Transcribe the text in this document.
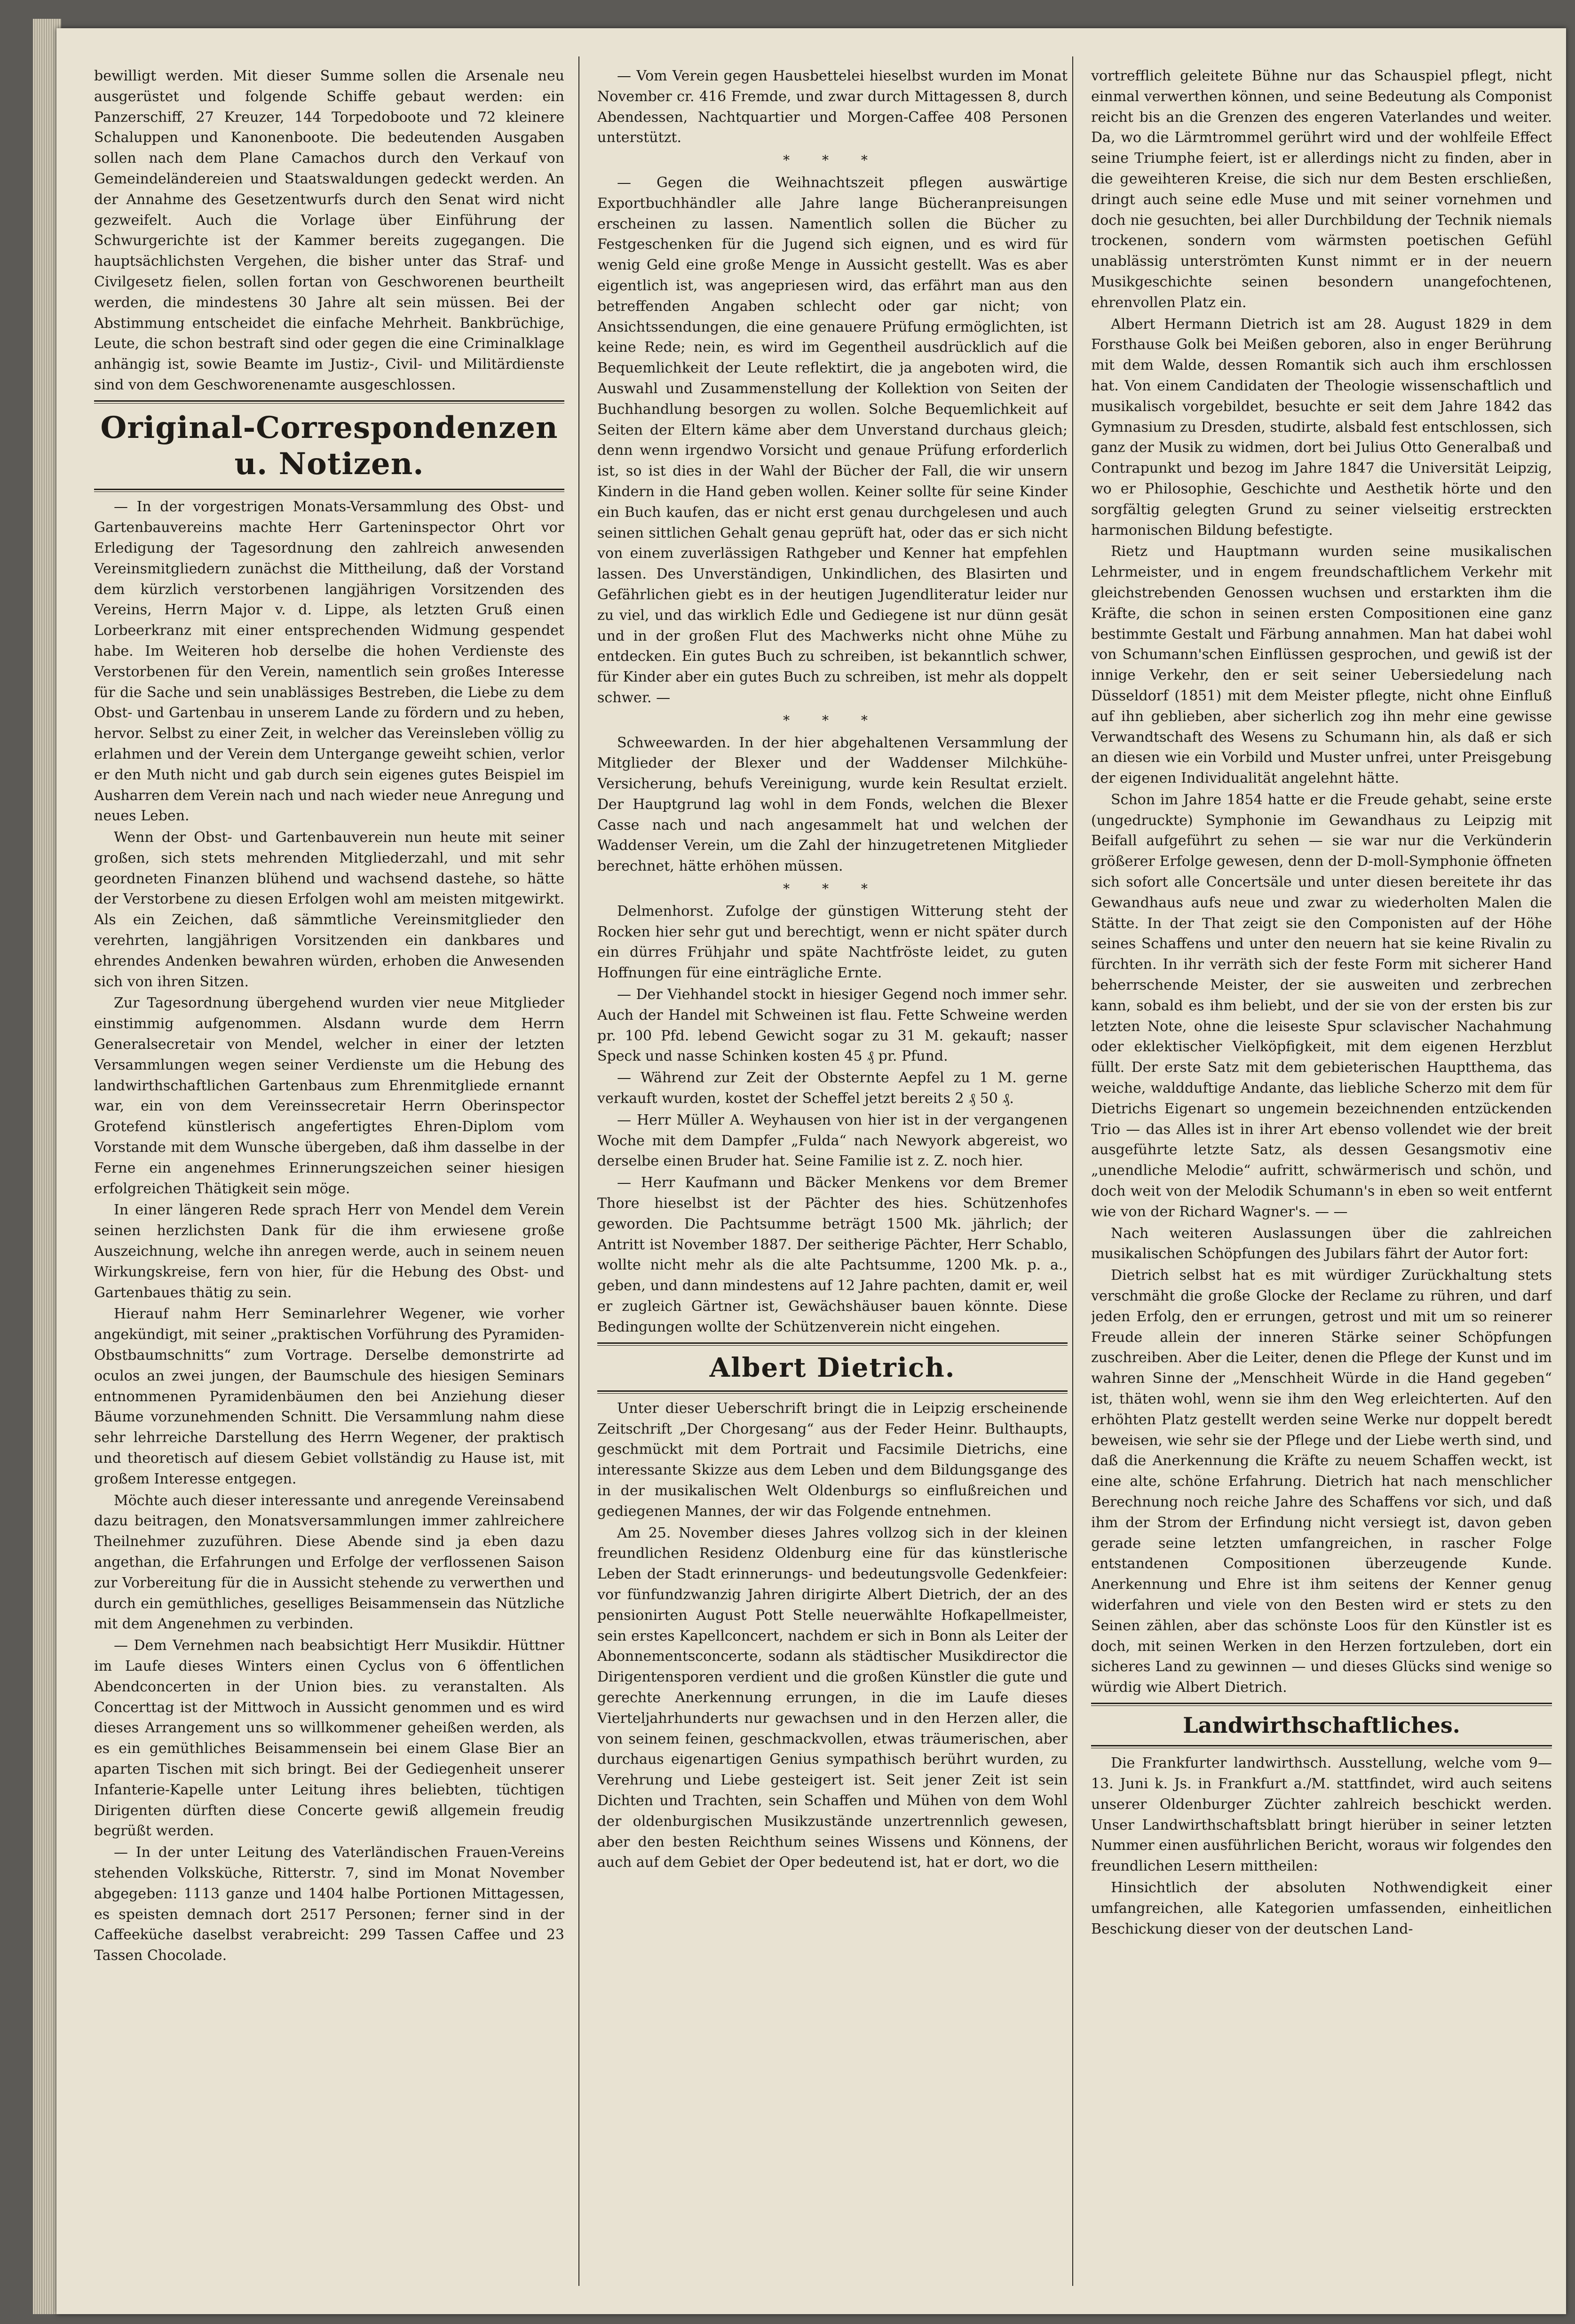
bewilligt werden. Mit dieser Summe sollen die Arsenale neu ausgerüstet und folgende Schiffe gebaut werden: ein Panzerschiff, 27 Kreuzer, 144 Torpedoboote und 72 kleinere Schaluppen und Kanonenboote. Die bedeutenden Ausgaben sollen nach dem Plane Camachos durch den Verkauf von Gemeindeländereien und Staatswaldungen gedeckt werden. An der Annahme des Gesetzentwurfs durch den Senat wird nicht gezweifelt. Auch die Vorlage über Einführung der Schwurgerichte ist der Kammer bereits zugegangen. Die hauptsächlichsten Vergehen, die bisher unter das Straf- und Civilgesetz fielen, sollen fortan von Geschworenen beurtheilt werden, die mindestens 30 Jahre alt sein müssen. Bei der Abstimmung entscheidet die einfache Mehrheit. Bankbrüchige, Leute, die schon bestraft sind oder gegen die eine Criminalklage anhängig ist, sowie Beamte im Justiz-, Civil- und Militärdienste sind von dem Geschworenenamte ausgeschlossen.

Original-Correspondenzen u. Notizen.

— In der vorgestrigen Monats-Versammlung des Obst- und Gartenbauvereins machte Herr Garteninspector Ohrt vor Erledigung der Tagesordnung den zahlreich anwesenden Vereinsmitgliedern zunächst die Mittheilung, daß der Vorstand dem kürzlich verstorbenen langjährigen Vorsitzenden des Vereins, Herrn Major v. d. Lippe, als letzten Gruß einen Lorbeerkranz mit einer entsprechenden Widmung gespendet habe. Im Weiteren hob derselbe die hohen Verdienste des Verstorbenen für den Verein, namentlich sein großes Interesse für die Sache und sein unablässiges Bestreben, die Liebe zu dem Obst- und Gartenbau in unserem Lande zu fördern und zu heben, hervor. Selbst zu einer Zeit, in welcher das Vereinsleben völlig zu erlahmen und der Verein dem Untergange geweiht schien, verlor er den Muth nicht und gab durch sein eigenes gutes Beispiel im Ausharren dem Verein nach und nach wieder neue Anregung und neues Leben.

Wenn der Obst- und Gartenbauverein nun heute mit seiner großen, sich stets mehrenden Mitgliederzahl, und mit sehr geordneten Finanzen blühend und wachsend dastehe, so hätte der Verstorbene zu diesen Erfolgen wohl am meisten mitgewirkt. Als ein Zeichen, daß sämmtliche Vereinsmitglieder den verehrten, langjährigen Vorsitzenden ein dankbares und ehrendes Andenken bewahren würden, erhoben die Anwesenden sich von ihren Sitzen.

Zur Tagesordnung übergehend wurden vier neue Mitglieder einstimmig aufgenommen. Alsdann wurde dem Herrn Generalsecretair von Mendel, welcher in einer der letzten Versammlungen wegen seiner Verdienste um die Hebung des landwirthschaftlichen Gartenbaus zum Ehrenmitgliede ernannt war, ein von dem Vereinssecretair Herrn Oberinspector Grotefend künstlerisch angefertigtes Ehren-Diplom vom Vorstande mit dem Wunsche übergeben, daß ihm dasselbe in der Ferne ein angenehmes Erinnerungszeichen seiner hiesigen erfolgreichen Thätigkeit sein möge.

In einer längeren Rede sprach Herr von Mendel dem Verein seinen herzlichsten Dank für die ihm erwiesene große Auszeichnung, welche ihn anregen werde, auch in seinem neuen Wirkungskreise, fern von hier, für die Hebung des Obst- und Gartenbaues thätig zu sein.

Hierauf nahm Herr Seminarlehrer Wegener, wie vorher angekündigt, mit seiner „praktischen Vorführung des Pyramiden-Obstbaumschnitts“ zum Vortrage. Derselbe demonstrirte ad oculos an zwei jungen, der Baumschule des hiesigen Seminars entnommenen Pyramidenbäumen den bei Anziehung dieser Bäume vorzunehmenden Schnitt. Die Versammlung nahm diese sehr lehrreiche Darstellung des Herrn Wegener, der praktisch und theoretisch auf diesem Gebiet vollständig zu Hause ist, mit großem Interesse entgegen.

Möchte auch dieser interessante und anregende Vereinsabend dazu beitragen, den Monatsversammlungen immer zahlreichere Theilnehmer zuzuführen. Diese Abende sind ja eben dazu angethan, die Erfahrungen und Erfolge der verflossenen Saison zur Vorbereitung für die in Aussicht stehende zu verwerthen und durch ein gemüthliches, geselliges Beisammensein das Nützliche mit dem Angenehmen zu verbinden.

— Dem Vernehmen nach beabsichtigt Herr Musikdir. Hüttner im Laufe dieses Winters einen Cyclus von 6 öffentlichen Abendconcerten in der Union bies. zu veranstalten. Als Concerttag ist der Mittwoch in Aussicht genommen und es wird dieses Arrangement uns so willkommener geheißen werden, als es ein gemüthliches Beisammensein bei einem Glase Bier an aparten Tischen mit sich bringt. Bei der Gediegenheit unserer Infanterie-Kapelle unter Leitung ihres beliebten, tüchtigen Dirigenten dürften diese Concerte gewiß allgemein freudig begrüßt werden.

— In der unter Leitung des Vaterländischen Frauen-Vereins stehenden Volksküche, Ritterstr. 7, sind im Monat November abgegeben: 1113 ganze und 1404 halbe Portionen Mittagessen, es speisten demnach dort 2517 Personen; ferner sind in der Caffeeküche daselbst verabreicht: 299 Tassen Caffee und 23 Tassen Chocolade.

— Vom Verein gegen Hausbettelei hieselbst wurden im Monat November cr. 416 Fremde, und zwar durch Mittagessen 8, durch Abendessen, Nachtquartier und Morgen-Caffee 408 Personen unterstützt.

* * *

— Gegen die Weihnachtszeit pflegen auswärtige Exportbuchhändler alle Jahre lange Bücheranpreisungen erscheinen zu lassen. Namentlich sollen die Bücher zu Festgeschenken für die Jugend sich eignen, und es wird für wenig Geld eine große Menge in Aussicht gestellt. Was es aber eigentlich ist, was angepriesen wird, das erfährt man aus den betreffenden Angaben schlecht oder gar nicht; von Ansichtssendungen, die eine genauere Prüfung ermöglichten, ist keine Rede; nein, es wird im Gegentheil ausdrücklich auf die Bequemlichkeit der Leute reflektirt, die ja angeboten wird, die Auswahl und Zusammenstellung der Kollektion von Seiten der Buchhandlung besorgen zu wollen. Solche Bequemlichkeit auf Seiten der Eltern käme aber dem Unverstand durchaus gleich; denn wenn irgendwo Vorsicht und genaue Prüfung erforderlich ist, so ist dies in der Wahl der Bücher der Fall, die wir unsern Kindern in die Hand geben wollen. Keiner sollte für seine Kinder ein Buch kaufen, das er nicht erst genau durchgelesen und auch seinen sittlichen Gehalt genau geprüft hat, oder das er sich nicht von einem zuverlässigen Rathgeber und Kenner hat empfehlen lassen. Des Unverständigen, Unkindlichen, des Blasirten und Gefährlichen giebt es in der heutigen Jugendliteratur leider nur zu viel, und das wirklich Edle und Gediegene ist nur dünn gesät und in der großen Flut des Machwerks nicht ohne Mühe zu entdecken. Ein gutes Buch zu schreiben, ist bekanntlich schwer, für Kinder aber ein gutes Buch zu schreiben, ist mehr als doppelt schwer. —

* * *

Schweewarden. In der hier abgehaltenen Versammlung der Mitglieder der Blexer und der Waddenser Milchkühe-Versicherung, behufs Vereinigung, wurde kein Resultat erzielt. Der Hauptgrund lag wohl in dem Fonds, welchen die Blexer Casse nach und nach angesammelt hat und welchen der Waddenser Verein, um die Zahl der hinzugetretenen Mitglieder berechnet, hätte erhöhen müssen.

* * *

Delmenhorst. Zufolge der günstigen Witterung steht der Rocken hier sehr gut und berechtigt, wenn er nicht später durch ein dürres Frühjahr und späte Nachtfröste leidet, zu guten Hoffnungen für eine einträgliche Ernte.

— Der Viehhandel stockt in hiesiger Gegend noch immer sehr. Auch der Handel mit Schweinen ist flau. Fette Schweine werden pr. 100 Pfd. lebend Gewicht sogar zu 31 M. gekauft; nasser Speck und nasse Schinken kosten 45 ₰ pr. Pfund.

— Während zur Zeit der Obsternte Aepfel zu 1 M. gerne verkauft wurden, kostet der Scheffel jetzt bereits 2 ₰ 50 ₰.

— Herr Müller A. Weyhausen von hier ist in der vergangenen Woche mit dem Dampfer „Fulda“ nach Newyork abgereist, wo derselbe einen Bruder hat. Seine Familie ist z. Z. noch hier.

— Herr Kaufmann und Bäcker Menkens vor dem Bremer Thore hieselbst ist der Pächter des hies. Schützenhofes geworden. Die Pachtsumme beträgt 1500 Mk. jährlich; der Antritt ist November 1887. Der seitherige Pächter, Herr Schablo, wollte nicht mehr als die alte Pachtsumme, 1200 Mk. p. a., geben, und dann mindestens auf 12 Jahre pachten, damit er, weil er zugleich Gärtner ist, Gewächshäuser bauen könnte. Diese Bedingungen wollte der Schützenverein nicht eingehen.

Albert Dietrich.

Unter dieser Ueberschrift bringt die in Leipzig erscheinende Zeitschrift „Der Chorgesang“ aus der Feder Heinr. Bulthaupts, geschmückt mit dem Portrait und Facsimile Dietrichs, eine interessante Skizze aus dem Leben und dem Bildungsgange des in der musikalischen Welt Oldenburgs so einflußreichen und gediegenen Mannes, der wir das Folgende entnehmen.

Am 25. November dieses Jahres vollzog sich in der kleinen freundlichen Residenz Oldenburg eine für das künstlerische Leben der Stadt erinnerungs- und bedeutungsvolle Gedenkfeier: vor fünfundzwanzig Jahren dirigirte Albert Dietrich, der an des pensionirten August Pott Stelle neuerwählte Hofkapellmeister, sein erstes Kapellconcert, nachdem er sich in Bonn als Leiter der Abonnementsconcerte, sodann als städtischer Musikdirector die Dirigentensporen verdient und die großen Künstler die gute und gerechte Anerkennung errungen, in die im Laufe dieses Vierteljahrhunderts nur gewachsen und in den Herzen aller, die von seinem feinen, geschmackvollen, etwas träumerischen, aber durchaus eigenartigen Genius sympathisch berührt wurden, zu Verehrung und Liebe gesteigert ist. Seit jener Zeit ist sein Dichten und Trachten, sein Schaffen und Mühen von dem Wohl der oldenburgischen Musikzustände unzertrennlich gewesen, aber den besten Reichthum seines Wissens und Könnens, der auch auf dem Gebiet der Oper bedeutend ist, hat er dort, wo die

vortrefflich geleitete Bühne nur das Schauspiel pflegt, nicht einmal verwerthen können, und seine Bedeutung als Componist reicht bis an die Grenzen des engeren Vaterlandes und weiter. Da, wo die Lärmtrommel gerührt wird und der wohlfeile Effect seine Triumphe feiert, ist er allerdings nicht zu finden, aber in die geweihteren Kreise, die sich nur dem Besten erschließen, dringt auch seine edle Muse und mit seiner vornehmen und doch nie gesuchten, bei aller Durchbildung der Technik niemals trockenen, sondern vom wärmsten poetischen Gefühl unablässig unterströmten Kunst nimmt er in der neuern Musikgeschichte seinen besondern unangefochtenen, ehrenvollen Platz ein.

Albert Hermann Dietrich ist am 28. August 1829 in dem Forsthause Golk bei Meißen geboren, also in enger Berührung mit dem Walde, dessen Romantik sich auch ihm erschlossen hat. Von einem Candidaten der Theologie wissenschaftlich und musikalisch vorgebildet, besuchte er seit dem Jahre 1842 das Gymnasium zu Dresden, studirte, alsbald fest entschlossen, sich ganz der Musik zu widmen, dort bei Julius Otto Generalbaß und Contrapunkt und bezog im Jahre 1847 die Universität Leipzig, wo er Philosophie, Geschichte und Aesthetik hörte und den sorgfältig gelegten Grund zu seiner vielseitig erstreckten harmonischen Bildung befestigte.

Rietz und Hauptmann wurden seine musikalischen Lehrmeister, und in engem freundschaftlichem Verkehr mit gleichstrebenden Genossen wuchsen und erstarkten ihm die Kräfte, die schon in seinen ersten Compositionen eine ganz bestimmte Gestalt und Färbung annahmen. Man hat dabei wohl von Schumann'schen Einflüssen gesprochen, und gewiß ist der innige Verkehr, den er seit seiner Uebersiedelung nach Düsseldorf (1851) mit dem Meister pflegte, nicht ohne Einfluß auf ihn geblieben, aber sicherlich zog ihn mehr eine gewisse Verwandtschaft des Wesens zu Schumann hin, als daß er sich an diesen wie ein Vorbild und Muster unfrei, unter Preisgebung der eigenen Individualität angelehnt hätte.

Schon im Jahre 1854 hatte er die Freude gehabt, seine erste (ungedruckte) Symphonie im Gewandhaus zu Leipzig mit Beifall aufgeführt zu sehen — sie war nur die Verkünderin größerer Erfolge gewesen, denn der D-moll-Symphonie öffneten sich sofort alle Concertsäle und unter diesen bereitete ihr das Gewandhaus aufs neue und zwar zu wiederholten Malen die Stätte. In der That zeigt sie den Componisten auf der Höhe seines Schaffens und unter den neuern hat sie keine Rivalin zu fürchten. In ihr verräth sich der feste Form mit sicherer Hand beherrschende Meister, der sie ausweiten und zerbrechen kann, sobald es ihm beliebt, und der sie von der ersten bis zur letzten Note, ohne die leiseste Spur sclavischer Nachahmung oder eklektischer Vielköpfigkeit, mit dem eigenen Herzblut füllt. Der erste Satz mit dem gebieterischen Hauptthema, das weiche, waldduftige Andante, das liebliche Scherzo mit dem für Dietrichs Eigenart so ungemein bezeichnenden entzückenden Trio — das Alles ist in ihrer Art ebenso vollendet wie der breit ausgeführte letzte Satz, als dessen Gesangsmotiv eine „unendliche Melodie“ aufritt, schwärmerisch und schön, und doch weit von der Melodik Schumann's in eben so weit entfernt wie von der Richard Wagner's. — —

Nach weiteren Auslassungen über die zahlreichen musikalischen Schöpfungen des Jubilars fährt der Autor fort:

Dietrich selbst hat es mit würdiger Zurückhaltung stets verschmäht die große Glocke der Reclame zu rühren, und darf jeden Erfolg, den er errungen, getrost und mit um so reinerer Freude allein der inneren Stärke seiner Schöpfungen zuschreiben. Aber die Leiter, denen die Pflege der Kunst und im wahren Sinne der „Menschheit Würde in die Hand gegeben“ ist, thäten wohl, wenn sie ihm den Weg erleichterten. Auf den erhöhten Platz gestellt werden seine Werke nur doppelt beredt beweisen, wie sehr sie der Pflege und der Liebe werth sind, und daß die Anerkennung die Kräfte zu neuem Schaffen weckt, ist eine alte, schöne Erfahrung. Dietrich hat nach menschlicher Berechnung noch reiche Jahre des Schaffens vor sich, und daß ihm der Strom der Erfindung nicht versiegt ist, davon geben gerade seine letzten umfangreichen, in rascher Folge entstandenen Compositionen überzeugende Kunde. Anerkennung und Ehre ist ihm seitens der Kenner genug widerfahren und viele von den Besten wird er stets zu den Seinen zählen, aber das schönste Loos für den Künstler ist es doch, mit seinen Werken in den Herzen fortzuleben, dort ein sicheres Land zu gewinnen — und dieses Glücks sind wenige so würdig wie Albert Dietrich.

Landwirthschaftliches.

Die Frankfurter landwirthsch. Ausstellung, welche vom 9—13. Juni k. Js. in Frankfurt a./M. stattfindet, wird auch seitens unserer Oldenburger Züchter zahlreich beschickt werden. Unser Landwirthschaftsblatt bringt hierüber in seiner letzten Nummer einen ausführlichen Bericht, woraus wir folgendes den freundlichen Lesern mittheilen:

Hinsichtlich der absoluten Nothwendigkeit einer umfangreichen, alle Kategorien umfassenden, einheitlichen Beschickung dieser von der deutschen Land-
